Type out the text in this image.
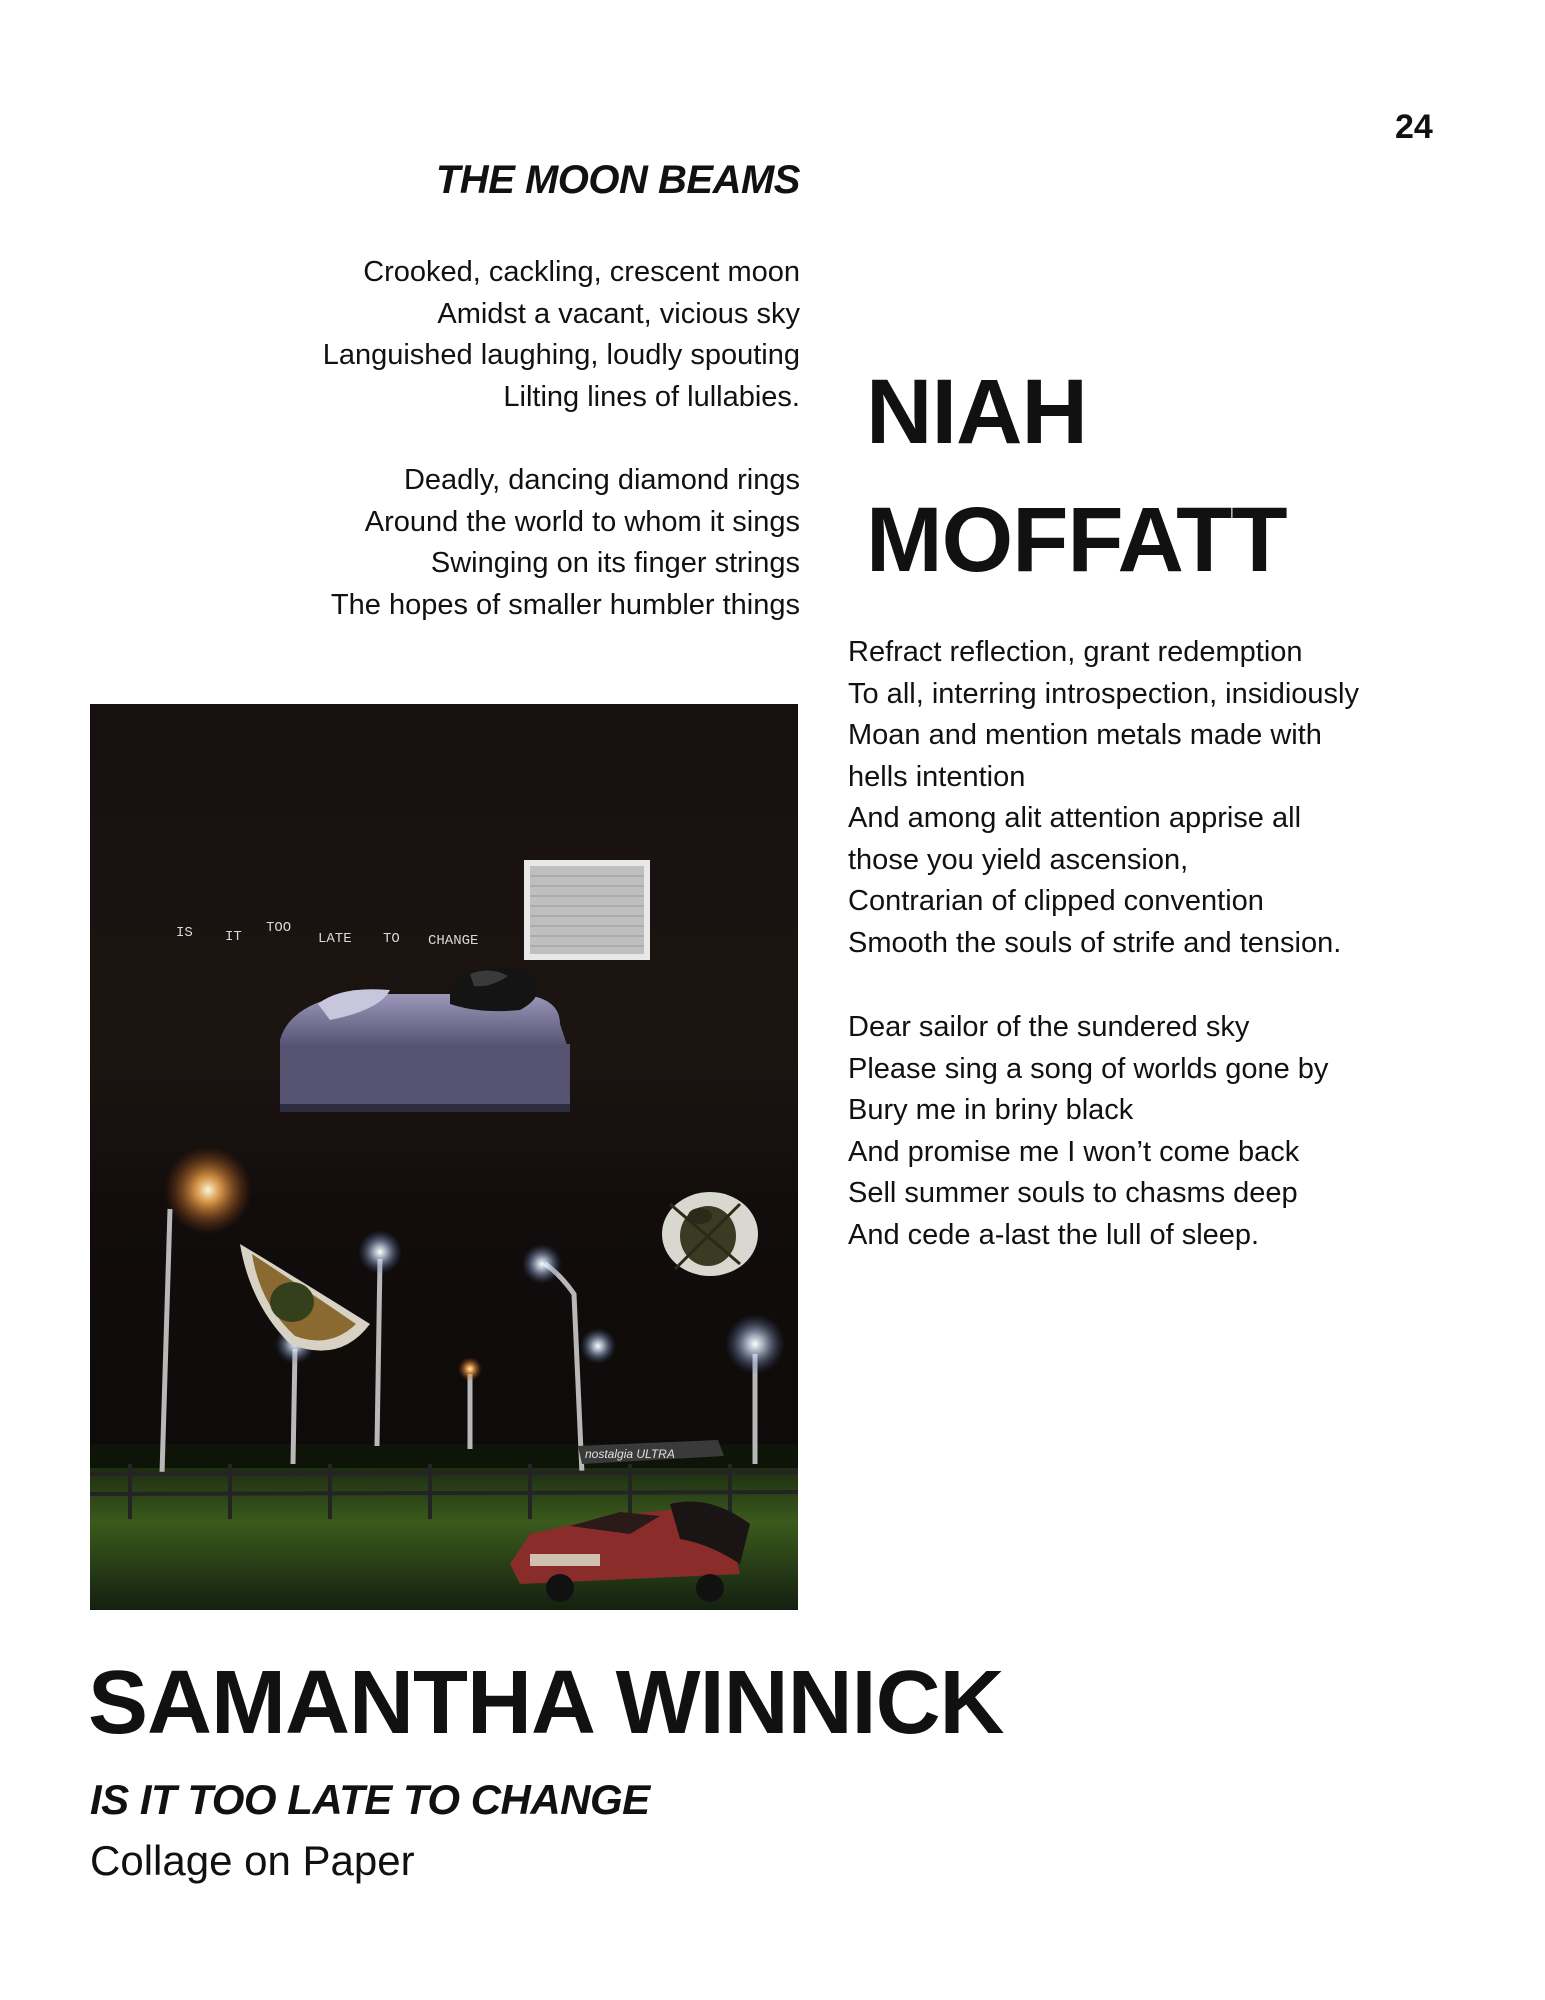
24
THE MOON BEAMS
Crooked, cackling, crescent moon
Amidst a vacant, vicious sky
Languished laughing, loudly spouting
Lilting lines of lullabies.
Deadly, dancing diamond rings
Around the world to whom it sings
Swinging on its finger strings
The hopes of smaller humbler things
NIAH
MOFFATT
Refract reflection, grant redemption
To all, interring introspection, insidiously
Moan and mention metals made with
hells intention
And among alit attention apprise all
those you yield ascension,
Contrarian of clipped convention
Smooth the souls of strife and tension.
Dear sailor of the sundered sky
Please sing a song of worlds gone by
Bury me in briny black
And promise me I won’t come back
Sell summer souls to chasms deep
And cede a-last the lull of sleep.
IS IT
TOO
LATE TO CHANGE
nostalgia ULTRA
SAMANTHA WINNICK
IS IT TOO LATE TO CHANGE
Collage on Paper
